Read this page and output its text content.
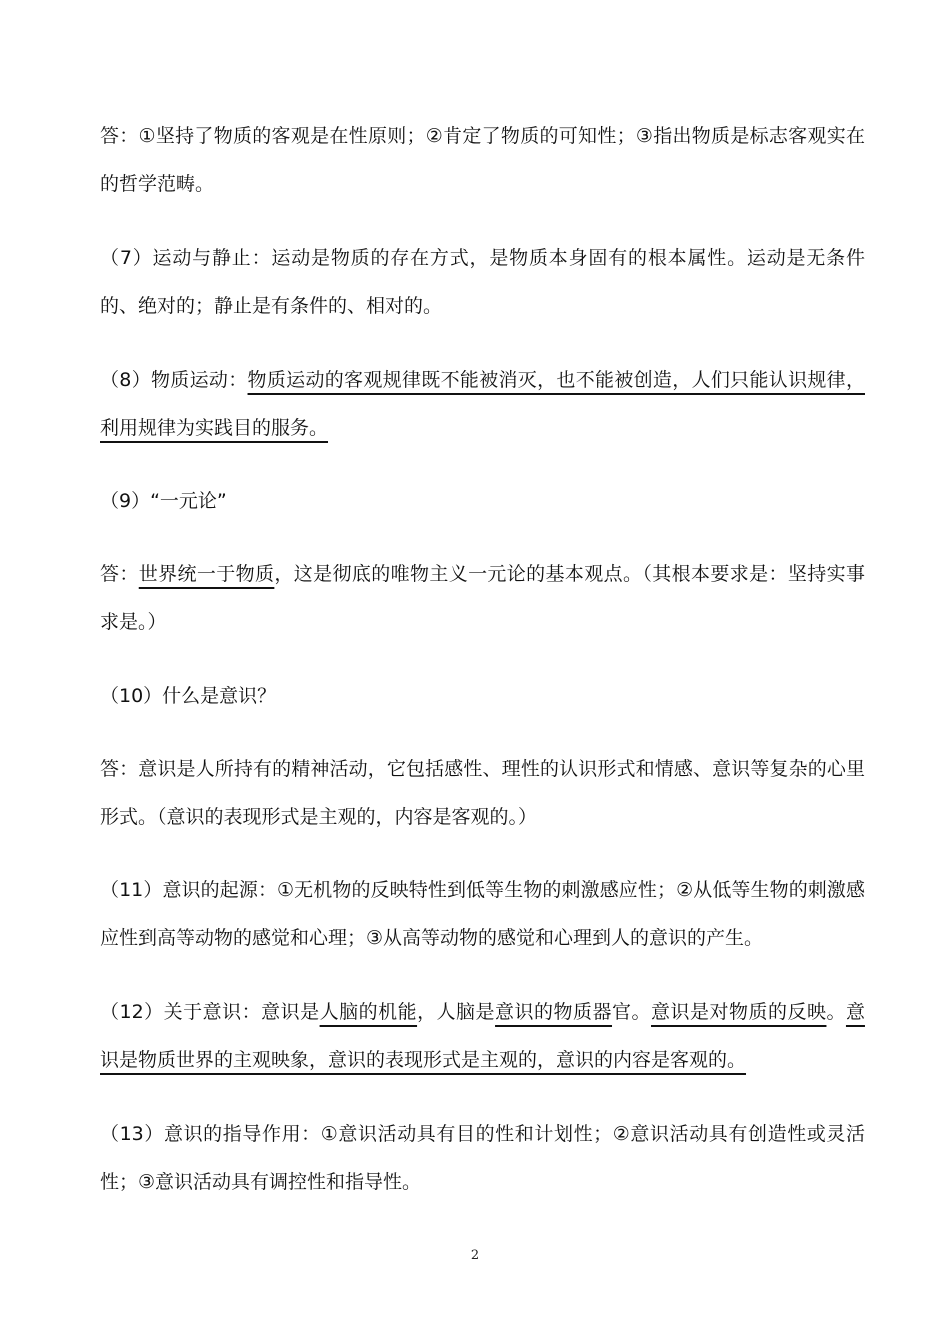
答：①坚持了物质的客观是在性原则；②肯定了物质的可知性；③指出物质是标志客观实在的哲学范畴。

（7）运动与静止：运动是物质的存在方式，是物质本身固有的根本属性。运动是无条件的、绝对的；静止是有条件的、相对的。

（8）物质运动：物质运动的客观规律既不能被消灭，也不能被创造，人们只能认识规律，利用规律为实践目的服务。

（9）“一元论”

答：世界统一于物质，这是彻底的唯物主义一元论的基本观点。（其根本要求是：坚持实事求是。）

（10）什么是意识？

答：意识是人所持有的精神活动，它包括感性、理性的认识形式和情感、意识等复杂的心里形式。（意识的表现形式是主观的，内容是客观的。）

（11）意识的起源：①无机物的反映特性到低等生物的刺激感应性；②从低等生物的刺激感应性到高等动物的感觉和心理；③从高等动物的感觉和心理到人的意识的产生。

（12）关于意识：意识是人脑的机能，人脑是意识的物质器官。意识是对物质的反映。意识是物质世界的主观映象，意识的表现形式是主观的，意识的内容是客观的。

（13）意识的指导作用：①意识活动具有目的性和计划性；②意识活动具有创造性或灵活性；③意识活动具有调控性和指导性。

2
